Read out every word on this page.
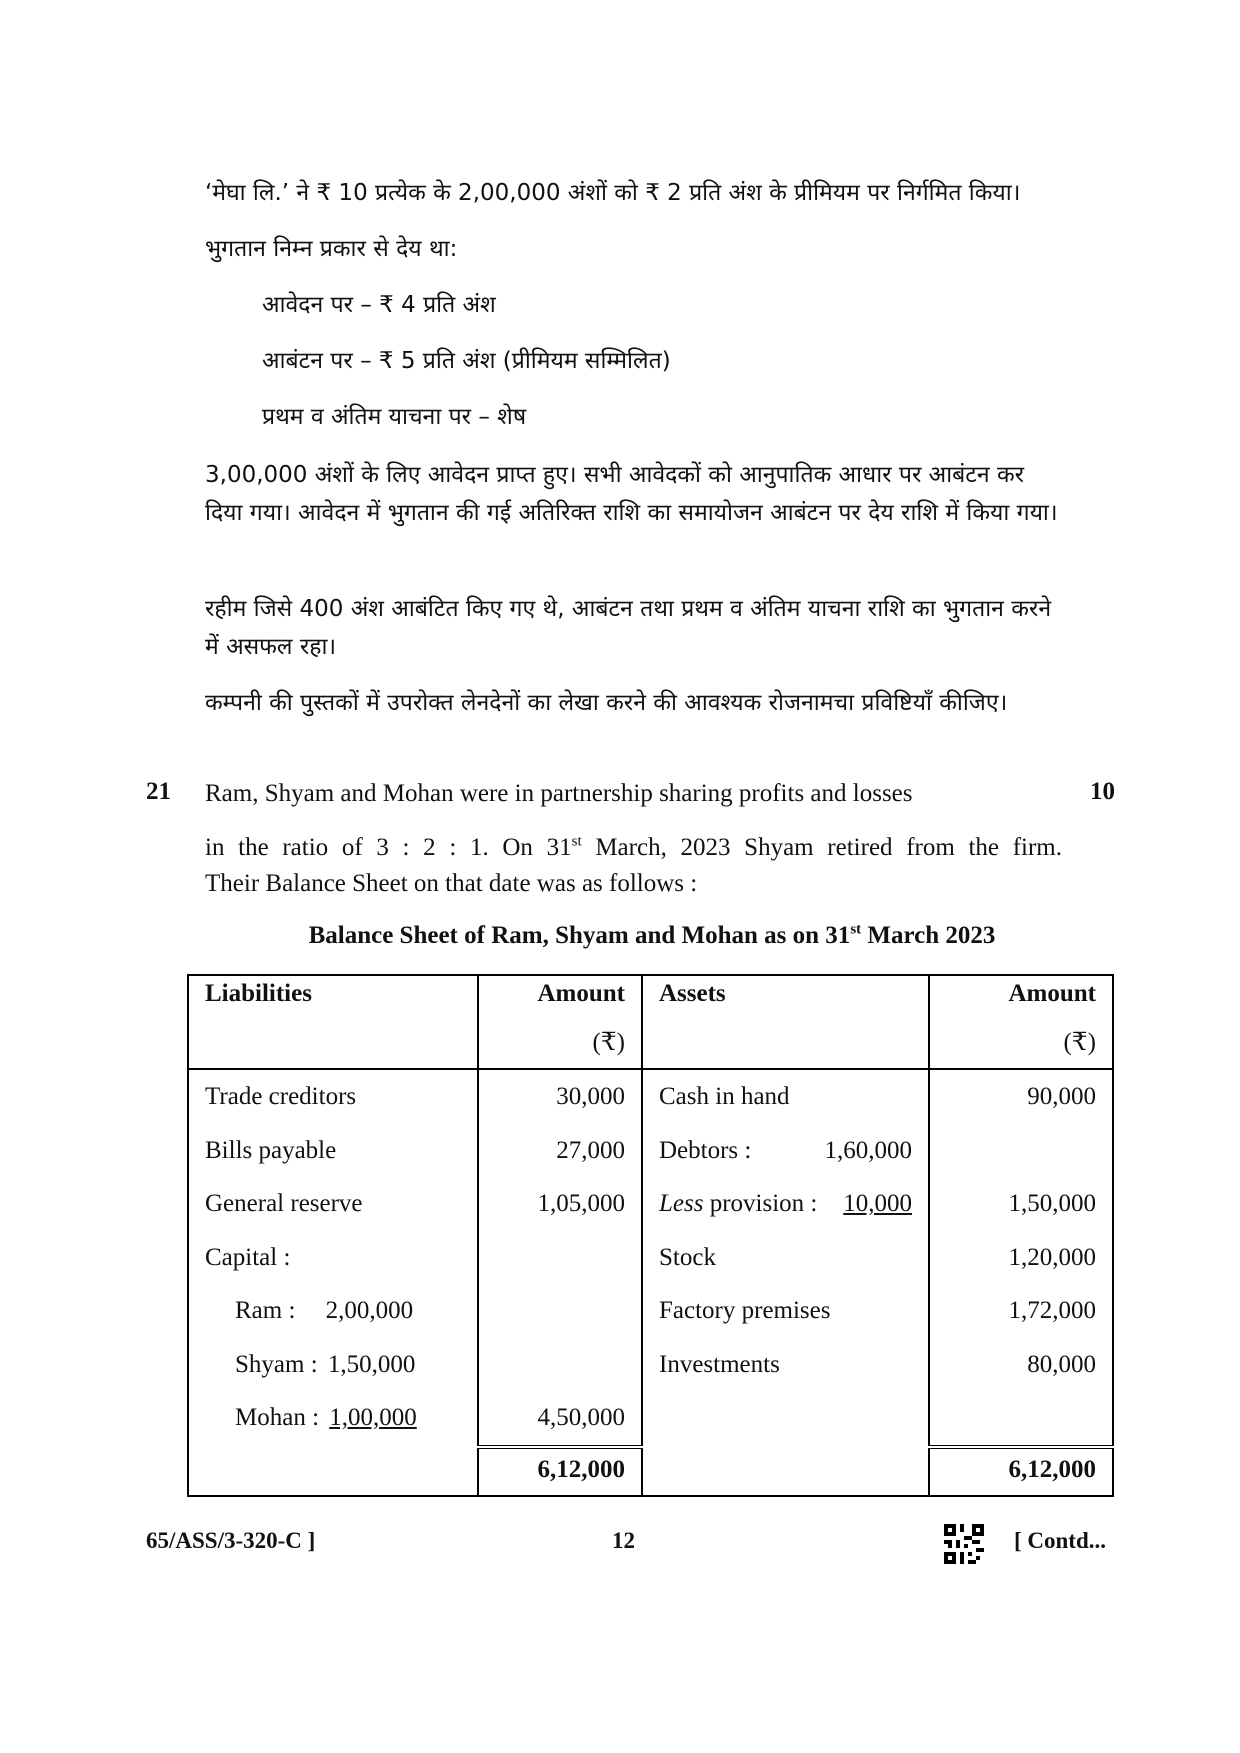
‘मेघा लि.’ ने ₹ 10 प्रत्येक के 2,00,000 अंशों को ₹ 2 प्रति अंश के प्रीमियम पर निर्गमित किया।

भुगतान निम्न प्रकार से देय था:

आवेदन पर – ₹ 4 प्रति अंश

आबंटन पर – ₹ 5 प्रति अंश (प्रीमियम सम्मिलित)

प्रथम व अंतिम याचना पर – शेष

3,00,000 अंशों के लिए आवेदन प्राप्त हुए। सभी आवेदकों को आनुपातिक आधार पर आबंटन कर दिया गया। आवेदन में भुगतान की गई अतिरिक्त राशि का समायोजन आबंटन पर देय राशि में किया गया।

रहीम जिसे 400 अंश आबंटित किए गए थे, आबंटन तथा प्रथम व अंतिम याचना राशि का भुगतान करने में असफल रहा।

कम्पनी की पुस्तकों में उपरोक्त लेनदेनों का लेखा करने की आवश्यक रोजनामचा प्रविष्टियाँ कीजिए।

21	10

Ram, Shyam and Mohan were in partnership sharing profits and losses

in the ratio of 3 : 2 : 1. On 31st March, 2023 Shyam retired from the firm.

Their Balance Sheet on that date was as follows :

Balance Sheet of Ram, Shyam and Mohan as on 31st March 2023
Liabilities	Amount	Assets	Amount
	(₹)		(₹)
Trade creditors	30,000	Cash in hand	90,000
Bills payable	27,000	Debtors : 1,60,000	

General reserve	1,05,000	Less provision : 10,000	1,50,000
Capital :		Stock	1,20,000
Ram : 2,00,000		Factory premises	1,72,000
Shyam : 1,50,000		Investments	80,000
Mohan : 1,00,000	4,50,000		
	6,12,000		6,12,000
65/ASS/3-320-C ]	12	[ Contd...
